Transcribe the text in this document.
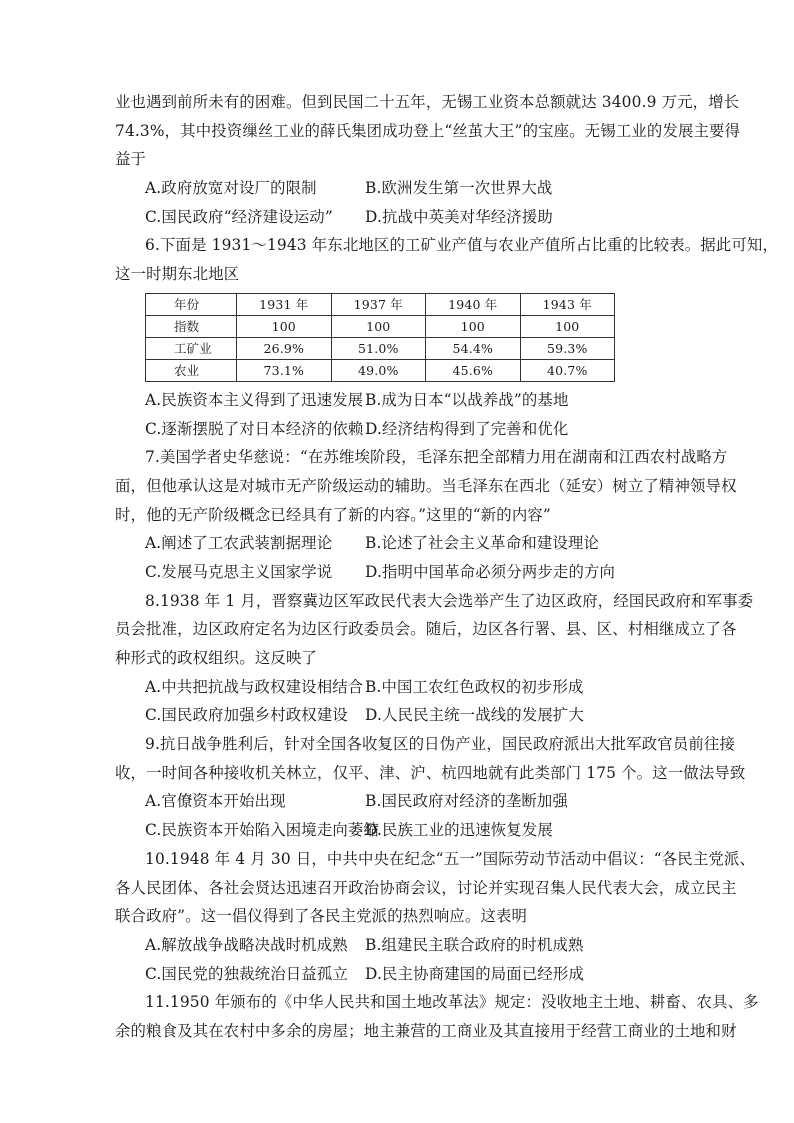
业也遇到前所未有的困难。但到民国二十五年，无锡工业资本总额就达 3400.9 万元，增长
74.3%，其中投资缫丝工业的薛氏集团成功登上“丝茧大王”的宝座。无锡工业的发展主要得
益于
A.政府放宽对设厂的限制	B.欧洲发生第一次世界大战
C.国民政府“经济建设运动”	D.抗战中英美对华经济援助
6.下面是 1931～1943 年东北地区的工矿业产值与农业产值所占比重的比较表。据此可知，
这一时期东北地区
年份	1931 年	1937 年	1940 年	1943 年
指数	100	100	100	100
工矿业	26.9%	51.0%	54.4%	59.3%
农业	73.1%	49.0%	45.6%	40.7%
A.民族资本主义得到了迅速发展 B.成为日本“以战养战”的基地
C.逐渐摆脱了对日本经济的依赖 D.经济结构得到了完善和优化
7.美国学者史华慈说：“在苏维埃阶段，毛泽东把全部精力用在湖南和江西农村战略方
面，但他承认这是对城市无产阶级运动的辅助。当毛泽东在西北（延安）树立了精神领导权
时，他的无产阶级概念已经具有了新的内容。”这里的“新的内容”
A.阐述了工农武装割据理论	B.论述了社会主义革命和建设理论
C.发展马克思主义国家学说	D.指明中国革命必须分两步走的方向
8.1938 年 1 月，晋察冀边区军政民代表大会选举产生了边区政府，经国民政府和军事委
员会批准，边区政府定名为边区行政委员会。随后，边区各行署、县、区、村相继成立了各
种形式的政权组织。这反映了
A.中共把抗战与政权建设相结合 B.中国工农红色政权的初步形成
C.国民政府加强乡村政权建设	D.人民民主统一战线的发展扩大
9.抗日战争胜利后，针对全国各收复区的日伪产业，国民政府派出大批军政官员前往接
收，一时间各种接收机关林立，仅平、津、沪、杭四地就有此类部门 175 个。这一做法导致
A.官僚资本开始出现	B.国民政府对经济的垄断加强
C.民族资本开始陷入困境走向萎缩
D.民族工业的迅速恢复发展
10.1948 年 4 月 30 日，中共中央在纪念“五一”国际劳动节活动中倡议：“各民主党派、
各人民团体、各社会贤达迅速召开政治协商会议，讨论并实现召集人民代表大会，成立民主
联合政府”。这一倡仪得到了各民主党派的热烈响应。这表明
A.解放战争战略决战时机成熟	B.组建民主联合政府的时机成熟
C.国民党的独裁统治日益孤立	D.民主协商建国的局面已经形成
11.1950 年颁布的《中华人民共和国土地改革法》规定：没收地主土地、耕畜、农具、多
余的粮食及其在农村中多余的房屋；地主兼营的工商业及其直接用于经营工商业的土地和财
